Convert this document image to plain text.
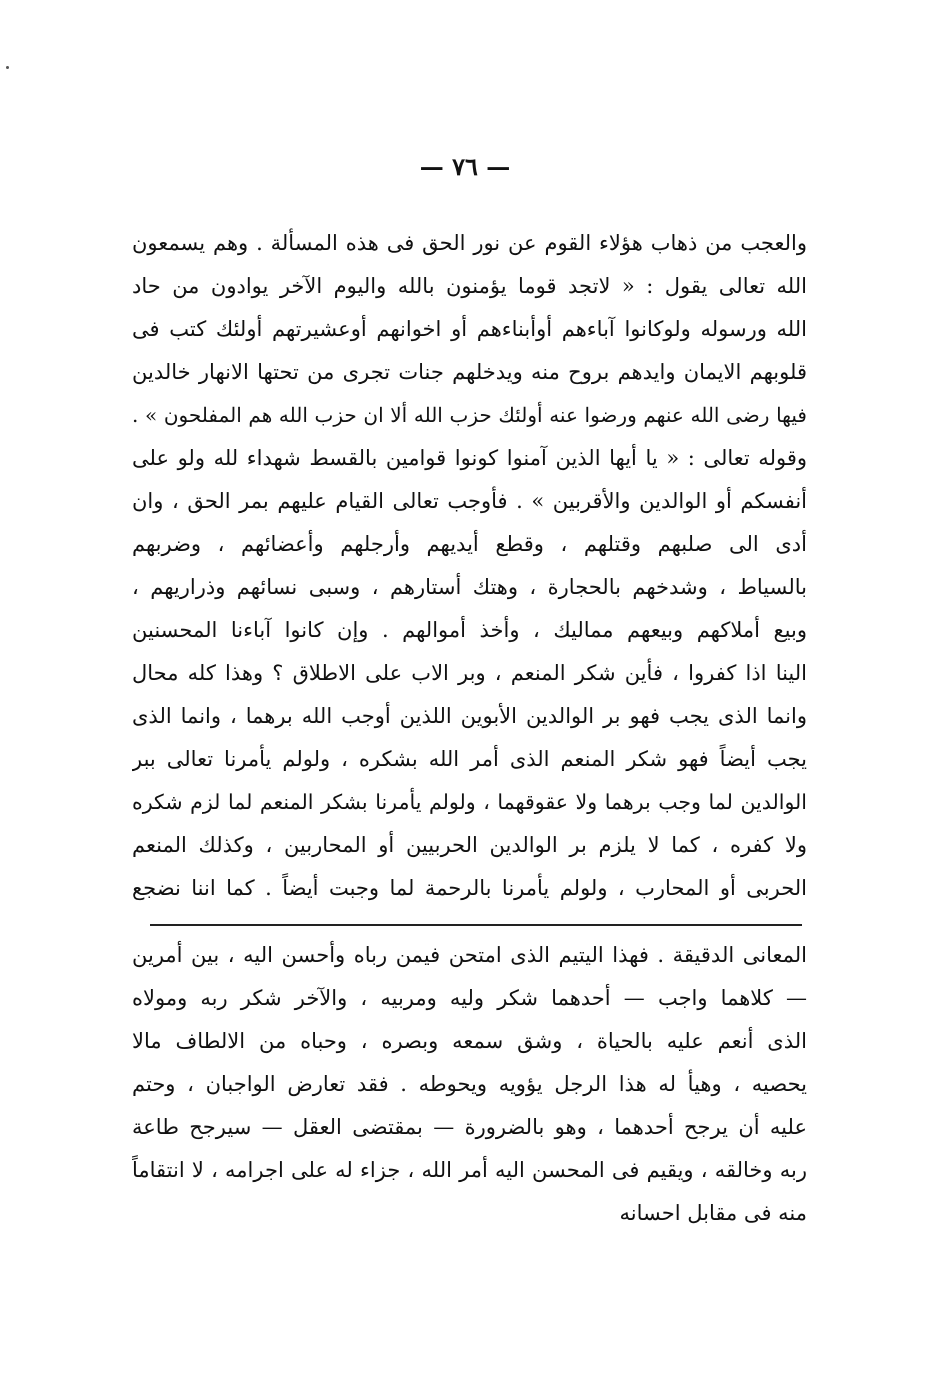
— ٧٦ —
والعجب من ذهاب هؤلاء القوم عن نور الحق فى هذه المسألة . وهم يسمعون
الله تعالى يقول : « لاتجد قوما يؤمنون بالله واليوم الآخر يوادون من حاد
الله ورسوله ولوكانوا آباءهم أوأبناءهم أو اخوانهم أوعشيرتهم أولئك كتب فى
قلوبهم الايمان وايدهم بروح منه ويدخلهم جنات تجرى من تحتها الانهار خالدين
فيها رضى الله عنهم ورضوا عنه أولئك حزب الله ألا ان حزب الله هم المفلحون » .
وقوله تعالى : « يا أيها الذين آمنوا كونوا قوامين بالقسط شهداء لله ولو على
أنفسكم أو الوالدين والأقربين » . فأوجب تعالى القيام عليهم بمر الحق ، وان
أدى الى صلبهم وقتلهم ، وقطع أيديهم وأرجلهم وأعضائهم ، وضربهم
بالسياط ، وشدخهم بالحجارة ، وهتك أستارهم ، وسبى نسائهم وذراريهم ،
وبيع أملاكهم وبيعهم مماليك ، وأخذ أموالهم . وإن كانوا آباءنا المحسنين
الينا اذا كفروا ، فأين شكر المنعم ، وبر الاب على الاطلاق ؟ وهذا كله محال
وانما الذى يجب فهو بر الوالدين الأبوين اللذين أوجب الله برهما ، وانما الذى
يجب أيضاً فهو شكر المنعم الذى أمر الله بشكره ، ولولم يأمرنا تعالى ببر
الوالدين لما وجب برهما ولا عقوقهما ، ولولم يأمرنا بشكر المنعم لما لزم شكره
ولا كفره ، كما لا يلزم بر الوالدين الحربيين أو المحاربين ، وكذلك المنعم
الحربى أو المحارب ، ولولم يأمرنا بالرحمة لما وجبت أيضاً . كما اننا نضجع
المعانى الدقيقة . فهذا اليتيم الذى امتحن فيمن رباه وأحسن اليه ، بين أمرين
— كلاهما واجب — أحدهما شكر وليه ومربيه ، والآخر شكر ربه ومولاه
الذى أنعم عليه بالحياة ، وشق سمعه وبصره ، وحباه من الالطاف مالا
يحصيه ، وهيأ له هذا الرجل يؤويه ويحوطه . فقد تعارض الواجبان ، وحتم
عليه أن يرجح أحدهما ، وهو بالضرورة — بمقتضى العقل — سيرجح طاعة
ربه وخالقه ، ويقيم فى المحسن اليه أمر الله ، جزاء له على اجرامه ، لا انتقاماً
منه فى مقابل احسانه
